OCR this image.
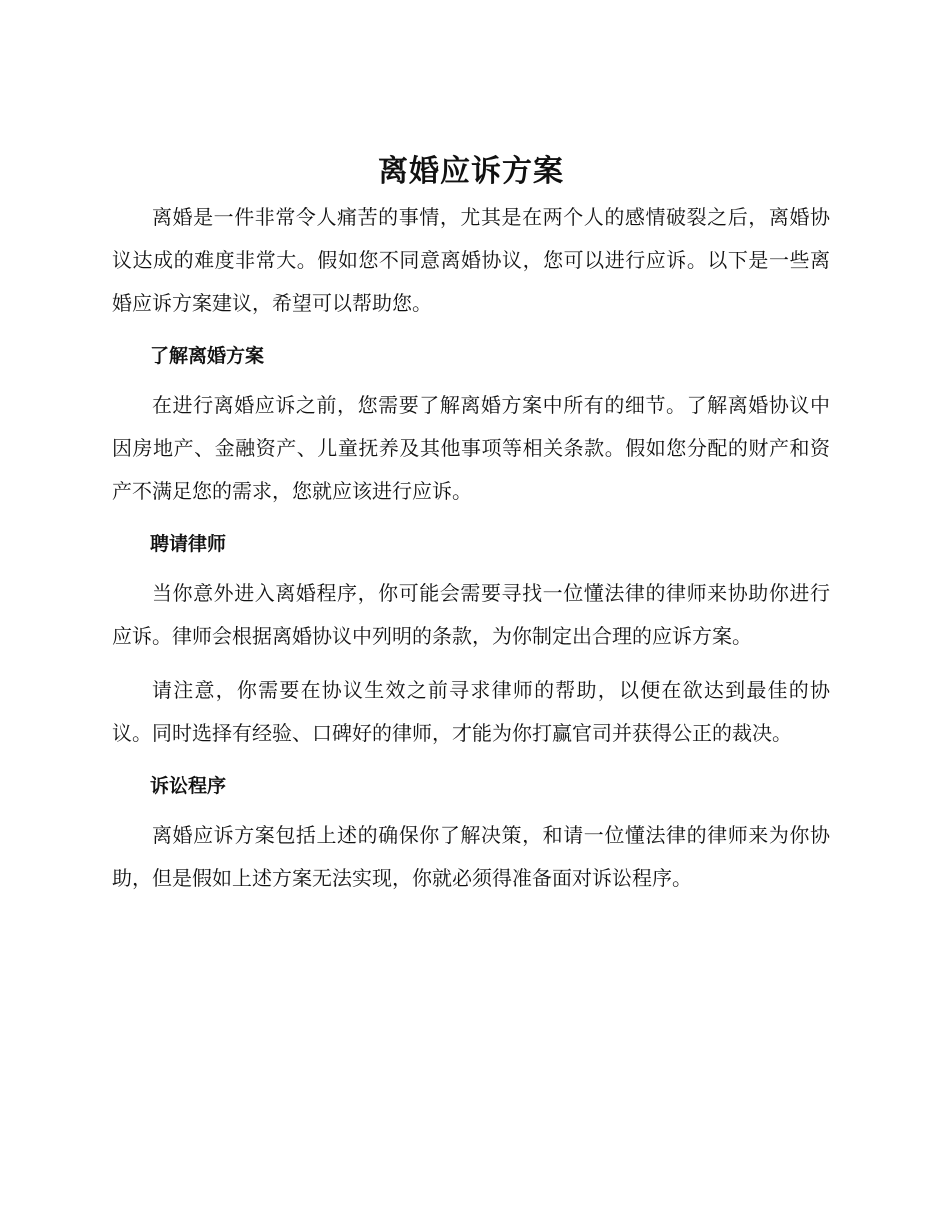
离婚应诉方案

离婚是一件非常令人痛苦的事情，尤其是在两个人的感情破裂之后，离婚协议达成的难度非常大。假如您不同意离婚协议，您可以进行应诉。以下是一些离婚应诉方案建议，希望可以帮助您。

了解离婚方案

在进行离婚应诉之前，您需要了解离婚方案中所有的细节。了解离婚协议中因房地产、金融资产、儿童抚养及其他事项等相关条款。假如您分配的财产和资产不满足您的需求，您就应该进行应诉。

聘请律师

当你意外进入离婚程序，你可能会需要寻找一位懂法律的律师来协助你进行应诉。律师会根据离婚协议中列明的条款，为你制定出合理的应诉方案。

请注意，你需要在协议生效之前寻求律师的帮助，以便在欲达到最佳的协议。同时选择有经验、口碑好的律师，才能为你打赢官司并获得公正的裁决。

诉讼程序

离婚应诉方案包括上述的确保你了解决策，和请一位懂法律的律师来为你协助，但是假如上述方案无法实现，你就必须得准备面对诉讼程序。
